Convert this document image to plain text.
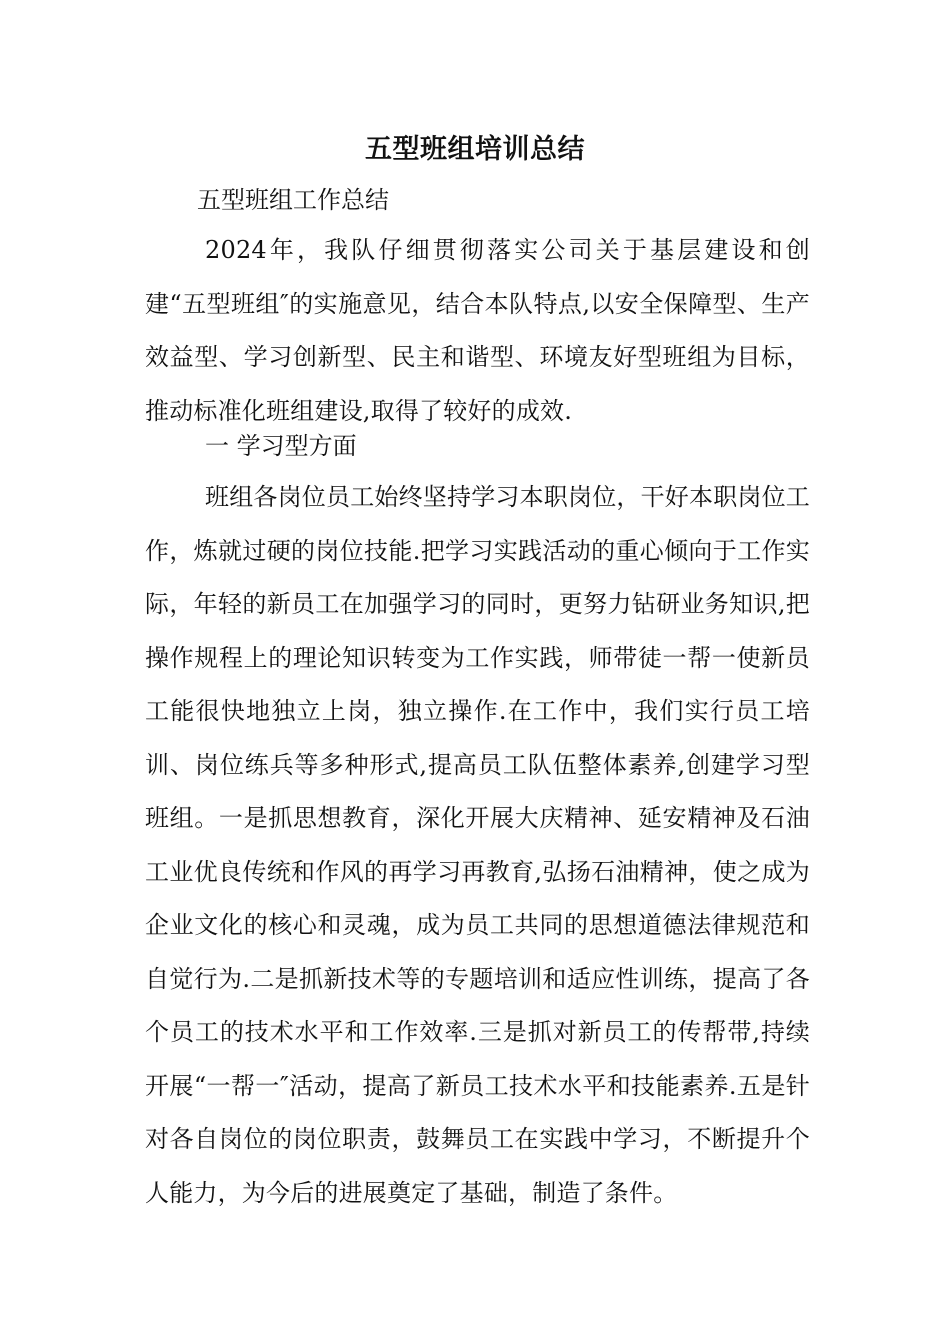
五型班组培训总结
五型班组工作总结
2024年，我队仔细贯彻落实公司关于基层建设和创建“五型班组″的实施意见，结合本队特点,以安全保障型、生产效益型、学习创新型、民主和谐型、环境友好型班组为目标，推动标准化班组建设,取得了较好的成效.
一 学习型方面
班组各岗位员工始终坚持学习本职岗位，干好本职岗位工作，炼就过硬的岗位技能.把学习实践活动的重心倾向于工作实际，年轻的新员工在加强学习的同时，更努力钻研业务知识,把操作规程上的理论知识转变为工作实践，师带徒一帮一使新员工能很快地独立上岗，独立操作.在工作中，我们实行员工培训、岗位练兵等多种形式,提高员工队伍整体素养,创建学习型班组。一是抓思想教育，深化开展大庆精神、延安精神及石油工业优良传统和作风的再学习再教育,弘扬石油精神，使之成为企业文化的核心和灵魂，成为员工共同的思想道德法律规范和自觉行为.二是抓新技术等的专题培训和适应性训练，提高了各个员工的技术水平和工作效率.三是抓对新员工的传帮带,持续开展“一帮一″活动，提高了新员工技术水平和技能素养.五是针对各自岗位的岗位职责，鼓舞员工在实践中学习，不断提升个人能力，为今后的进展奠定了基础，制造了条件。
